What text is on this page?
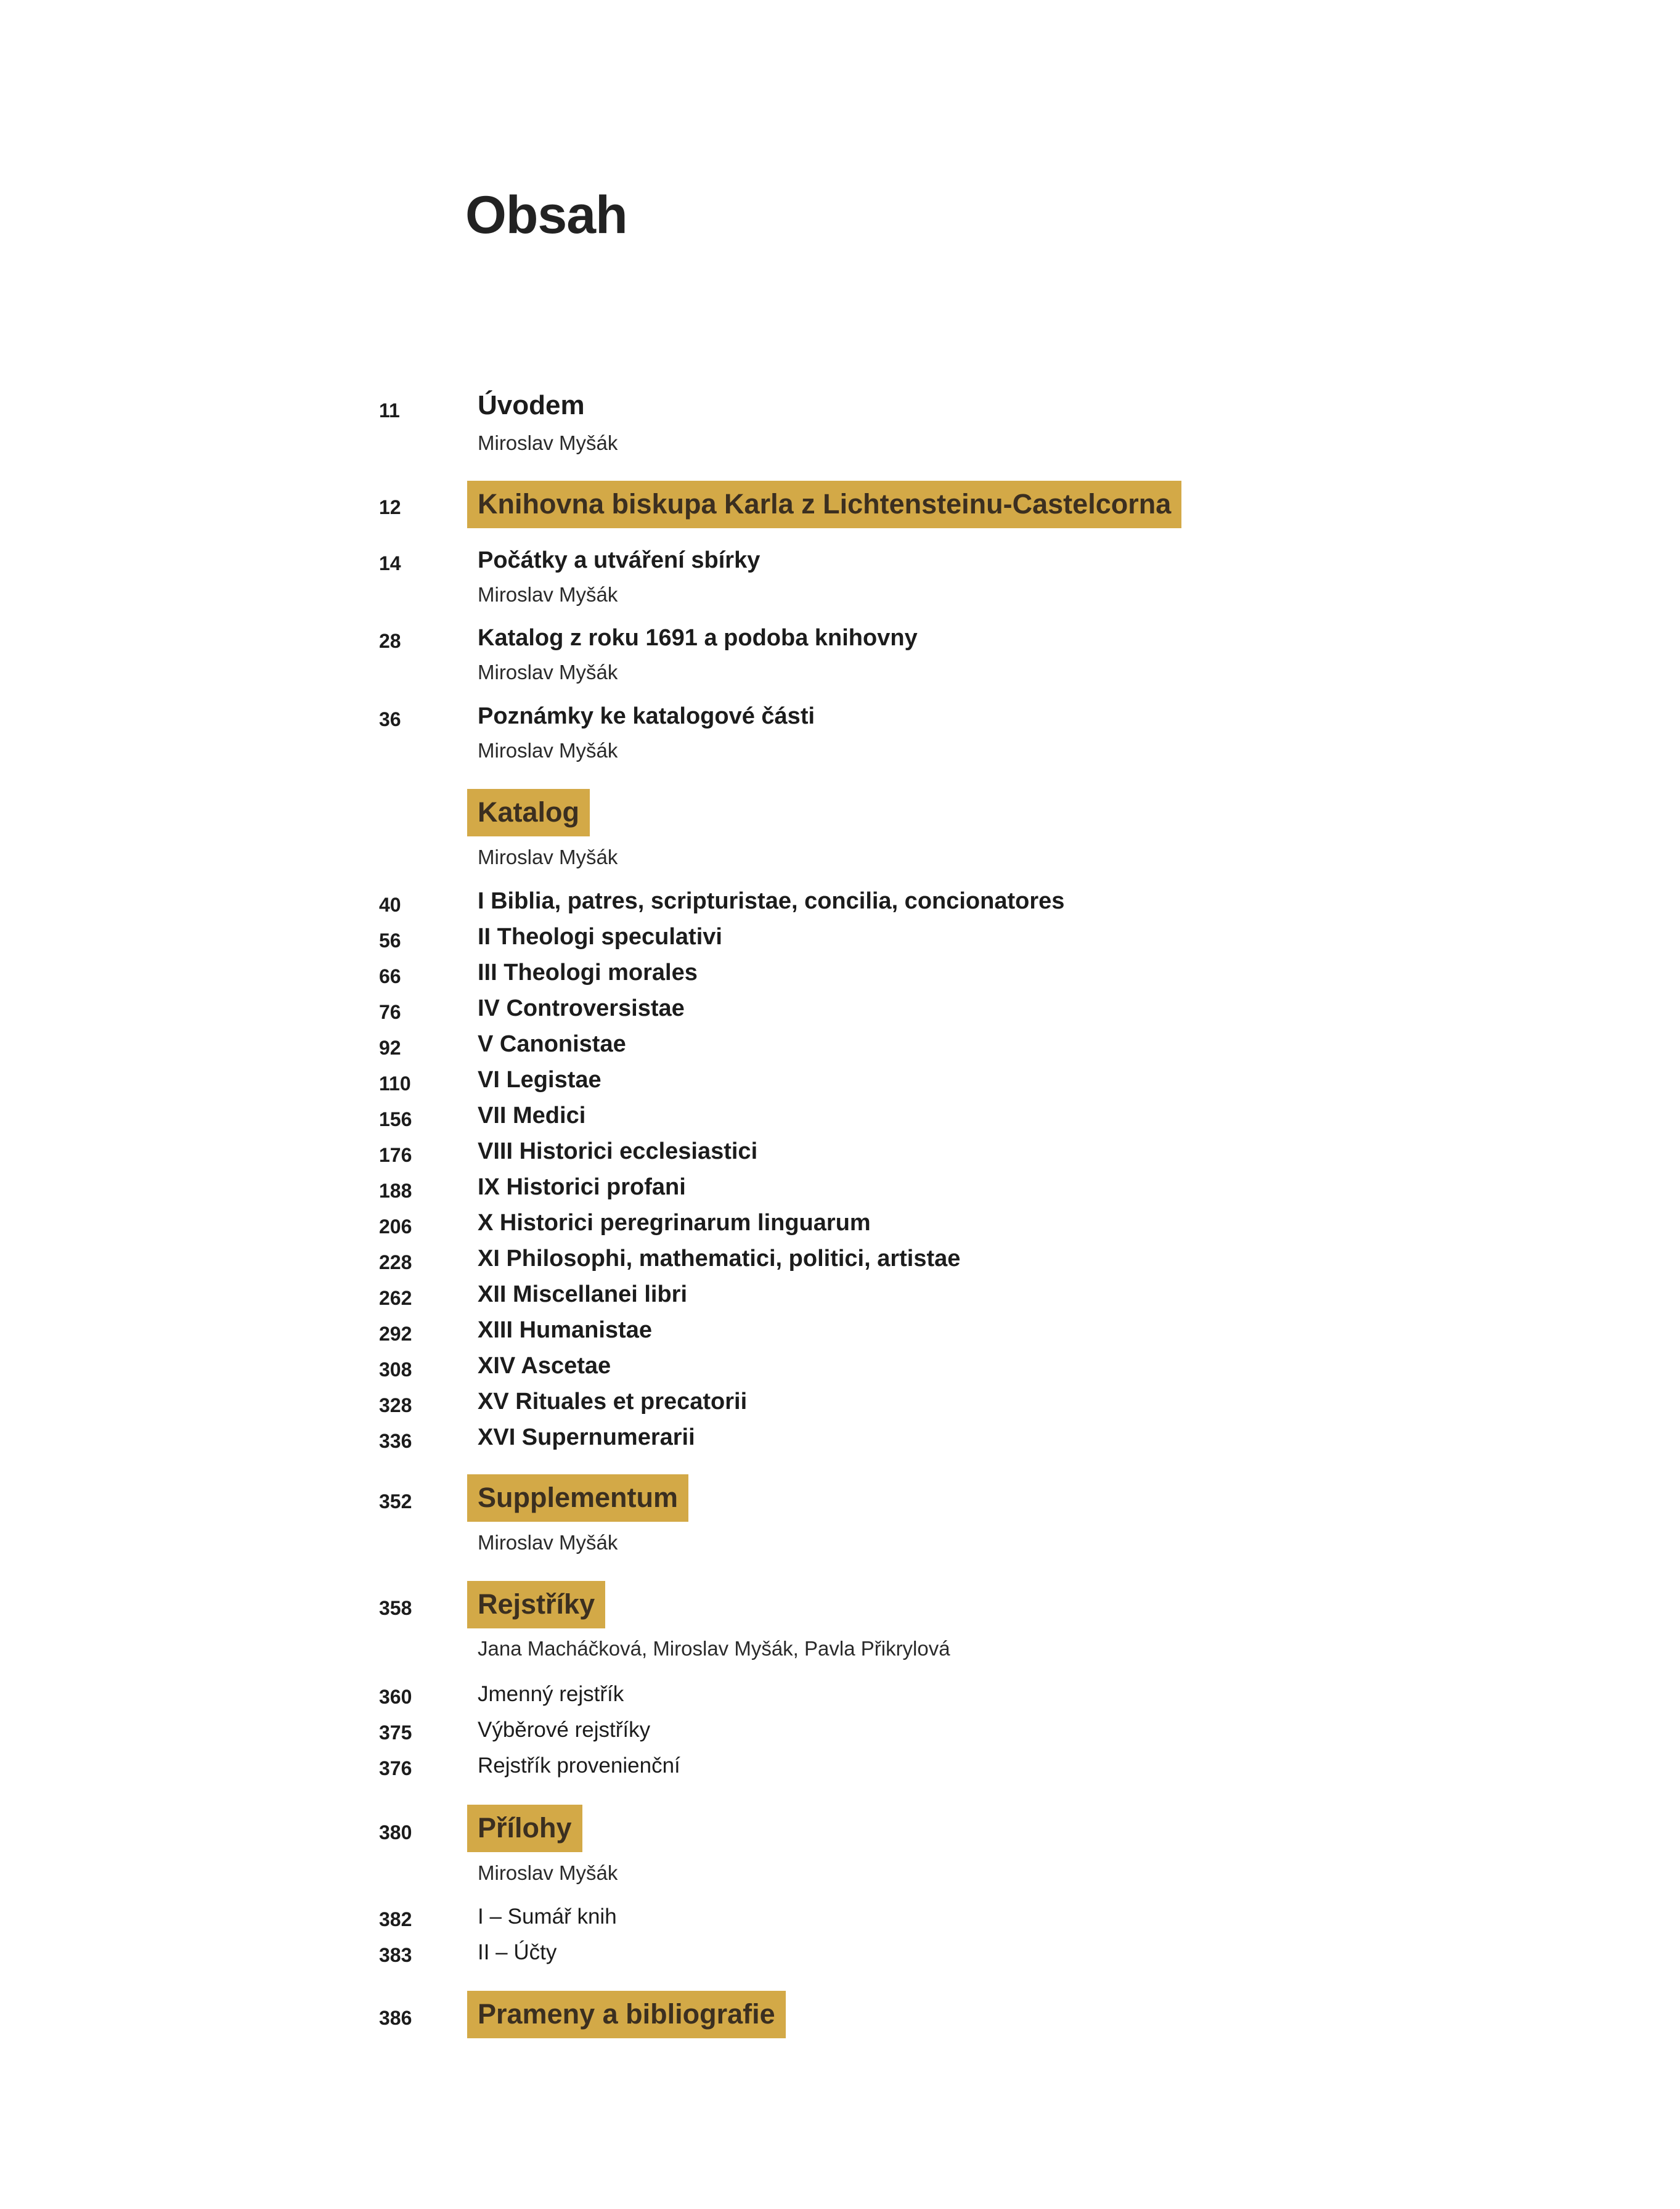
Obsah
11	Úvodem
Miroslav Myšák
12	Knihovna biskupa Karla z Lichtensteinu-Castelcorna
14	Počátky a utváření sbírky
Miroslav Myšák
28	Katalog z roku 1691 a podoba knihovny
Miroslav Myšák
36	Poznámky ke katalogové části
Miroslav Myšák
Katalog
Miroslav Myšák
40	I Biblia, patres, scripturistae, concilia, concionatores
56	II Theologi speculativi
66	III Theologi morales
76	IV Controversistae
92	V Canonistae
110	VI Legistae
156	VII Medici
176	VIII Historici ecclesiastici
188	IX Historici profani
206	X Historici peregrinarum linguarum
228	XI Philosophi, mathematici, politici, artistae
262	XII Miscellanei libri
292	XIII Humanistae
308	XIV Ascetae
328	XV Rituales et precatorii
336	XVI Supernumerarii
352	Supplementum
Miroslav Myšák
358	Rejstříky
Jana Macháčková, Miroslav Myšák, Pavla Přikrylová
360	Jmenný rejstřík
375	Výběrové rejstříky
376	Rejstřík provenienční
380	Přílohy
Miroslav Myšák
382	I – Sumář knih
383	II – Účty
386	Prameny a bibliografie
